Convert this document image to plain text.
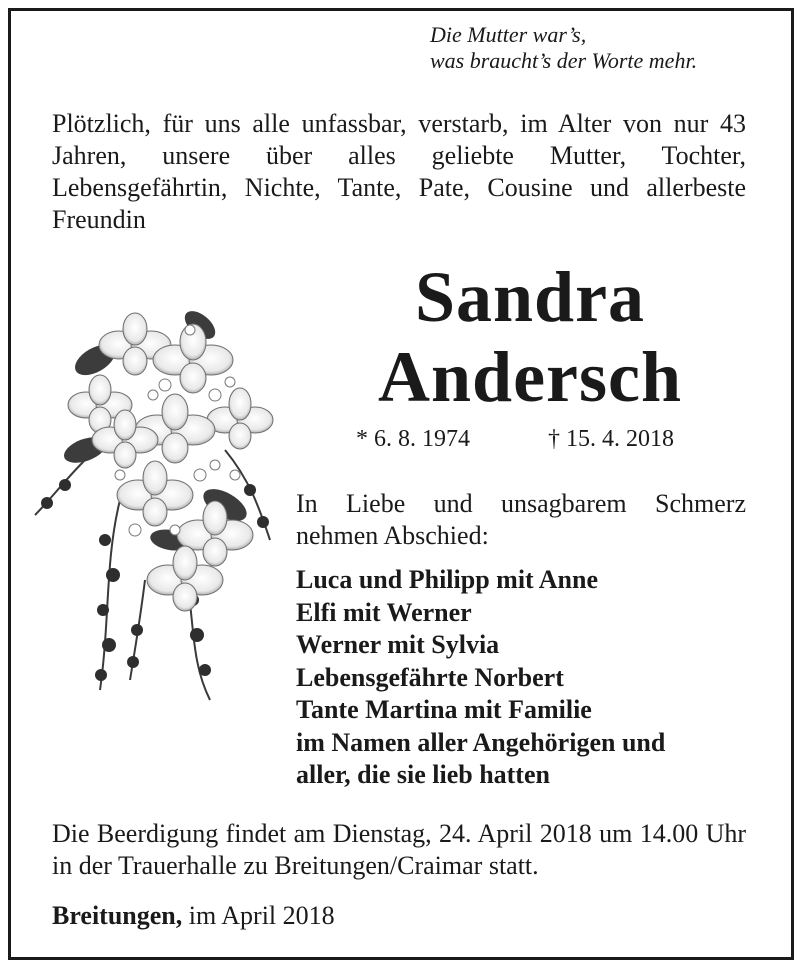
Die Mutter war’s,
was braucht’s der Worte mehr.
Plötzlich, für uns alle unfassbar, verstarb, im Alter von nur 43 Jahren, unsere über alles geliebte Mutter, Tochter, Lebensgefährtin, Nichte, Tante, Pate, Cousine und allerbeste Freundin
Sandra
Andersch
* 6. 8. 1974	† 15. 4. 2018
In Liebe und unsagbarem Schmerz nehmen Abschied:
Luca und Philipp mit Anne
Elfi mit Werner
Werner mit Sylvia
Lebensgefährte Norbert
Tante Martina mit Familie
im Namen aller Angehörigen und
aller, die sie lieb hatten
Die Beerdigung findet am Dienstag, 24. April 2018 um 14.00 Uhr in der Trauerhalle zu Breitungen/Craimar statt.
Breitungen, im April 2018
